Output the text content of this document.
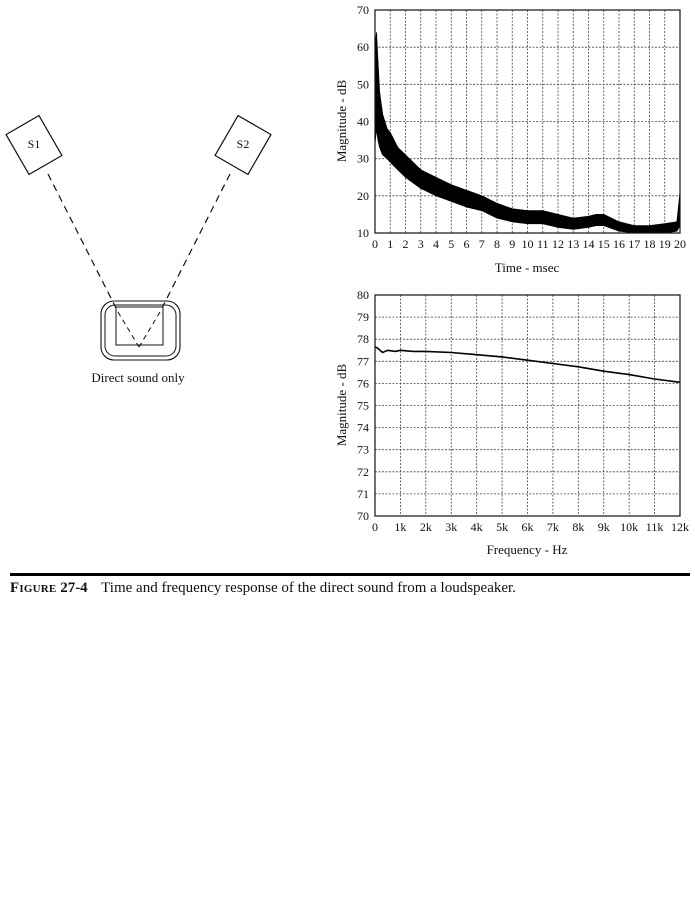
S1	S2
Direct sound only
0 1 2 3 4 5 6 7 8 9 10 11 12 13 14 15 16 17 18 19 20
10
20
30
40
50
60
70
Time - msec
Magnitude - dB
0 1k 2k 3k 4k 5k 6k 7k 8k 9k 10k 11k 12k
70
71
72
73
74
75
76
77
78
79
80
Frequency - Hz
Magnitude - dB
Figure 27-4 Time and frequency response of the direct sound from a loudspeaker.
